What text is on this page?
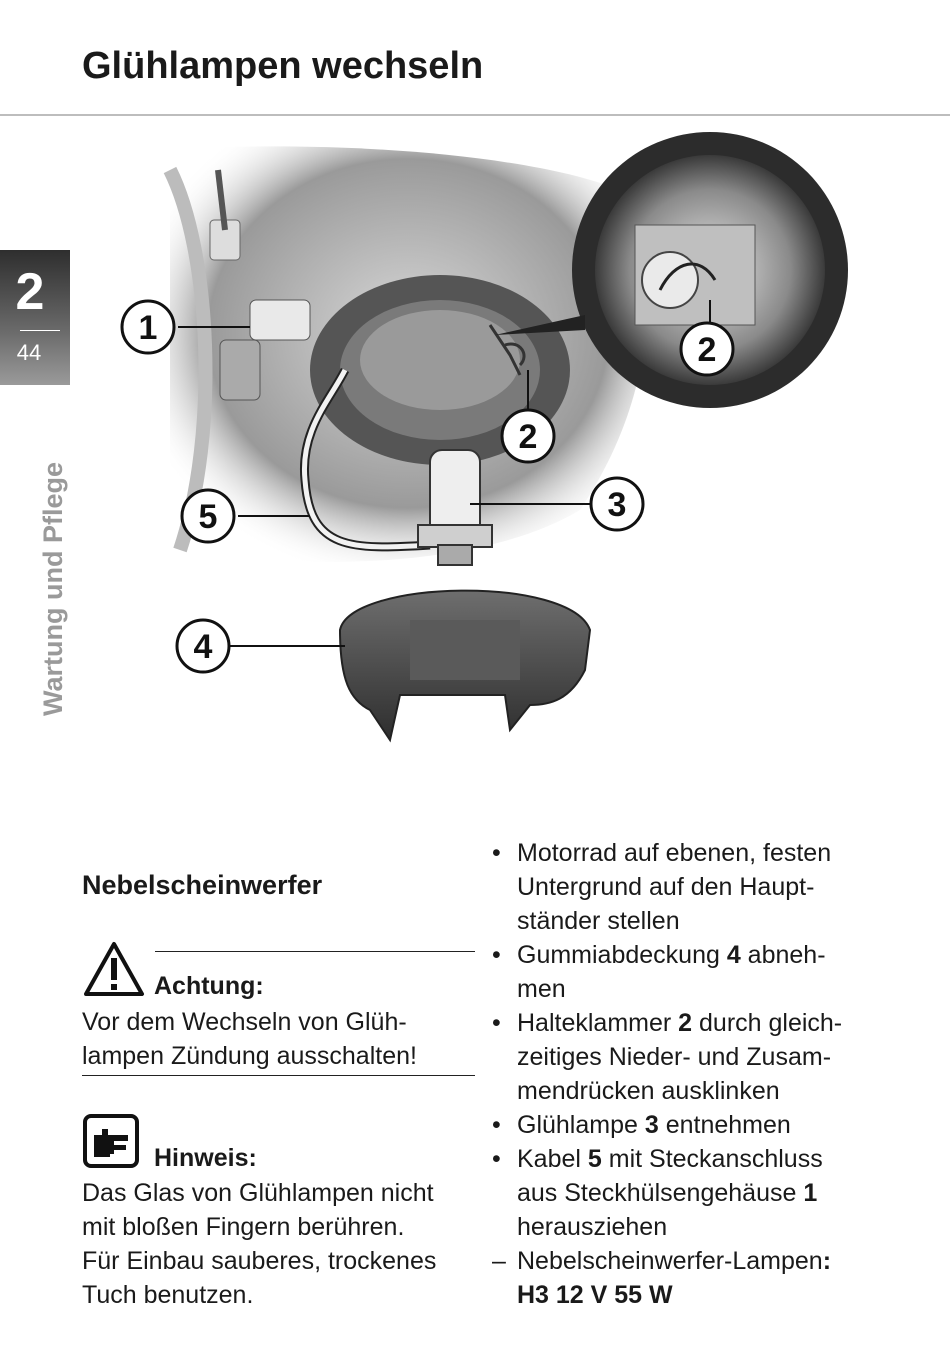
Glühlampen wechseln
2
44
Wartung und Pflege
1
2
2
3
4
5
Nebelscheinwerfer
Achtung:
Vor dem Wechseln von Glüh-
lampen Zündung ausschalten!
Hinweis:
Das Glas von Glühlampen nicht
mit bloßen Fingern berühren.
Für Einbau sauberes, trockenes
Tuch benutzen.
• Motorrad auf ebenen, festen
Untergrund auf den Haupt-
ständer stellen
• Gummiabdeckung 4 abneh-
men
• Halteklammer 2 durch gleich-
zeitiges Nieder- und Zusam-
mendrücken ausklinken
• Glühlampe 3 entnehmen
• Kabel 5 mit Steckanschluss
aus Steckhülsengehäuse 1
herausziehen
– Nebelscheinwerfer-Lampen:
H3 12 V 55 W
